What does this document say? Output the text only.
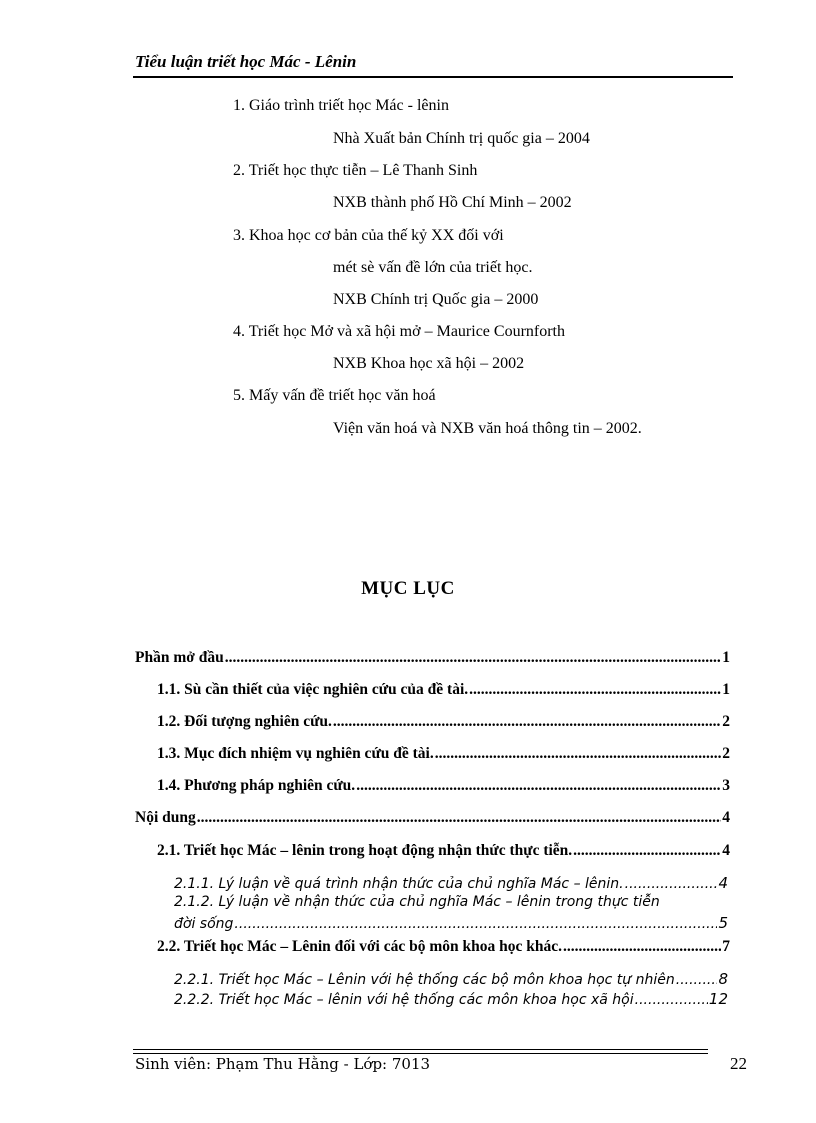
Tiểu luận triết học Mác - Lênin
1. Giáo trình triết học Mác - lênin
Nhà Xuất bản Chính trị quốc gia – 2004
2. Triết học thực tiễn – Lê Thanh Sinh
NXB thành phố Hồ Chí Minh – 2002
3. Khoa học cơ bản của thế kỷ XX đối với
mét sè vấn đề lớn của triết học.
NXB Chính trị Quốc gia – 2000
4. Triết học Mở và xã hội mở – Maurice Cournforth
NXB Khoa học xã hội – 2002
5. Mấy vấn đề triết học văn hoá
Viện văn hoá và NXB văn hoá thông tin – 2002.
MỤC LỤC
Phần mở đầu .....	1
1.1. Sù cần thiết của việc nghiên cứu của đề tài. .....	1
1.2. Đối tượng nghiên cứu. .....	2
1.3. Mục đích nhiệm vụ nghiên cứu đề tài. .....	2
1.4. Phương pháp nghiên cứu. .....	3
Nội dung .....	4
2.1. Triết học Mác – lênin trong hoạt động nhận thức thực tiễn. .....	4
2.1.1. Lý luận về quá trình nhận thức của chủ nghĩa Mác – lênin. .....	4
2.1.2. Lý luận về nhận thức của chủ nghĩa Mác – lênin trong thực tiễn
đời sống .....	5
2.2. Triết học Mác – Lênin đối với các bộ môn khoa học khác. .....	7
2.2.1. Triết học Mác – Lênin với hệ thống các bộ môn khoa học tự nhiên .....	8
2.2.2. Triết học Mác – lênin với hệ thống các môn khoa học xã hội .....	12
Sinh viên: Phạm Thu Hằng - Lớp: 7013	22
